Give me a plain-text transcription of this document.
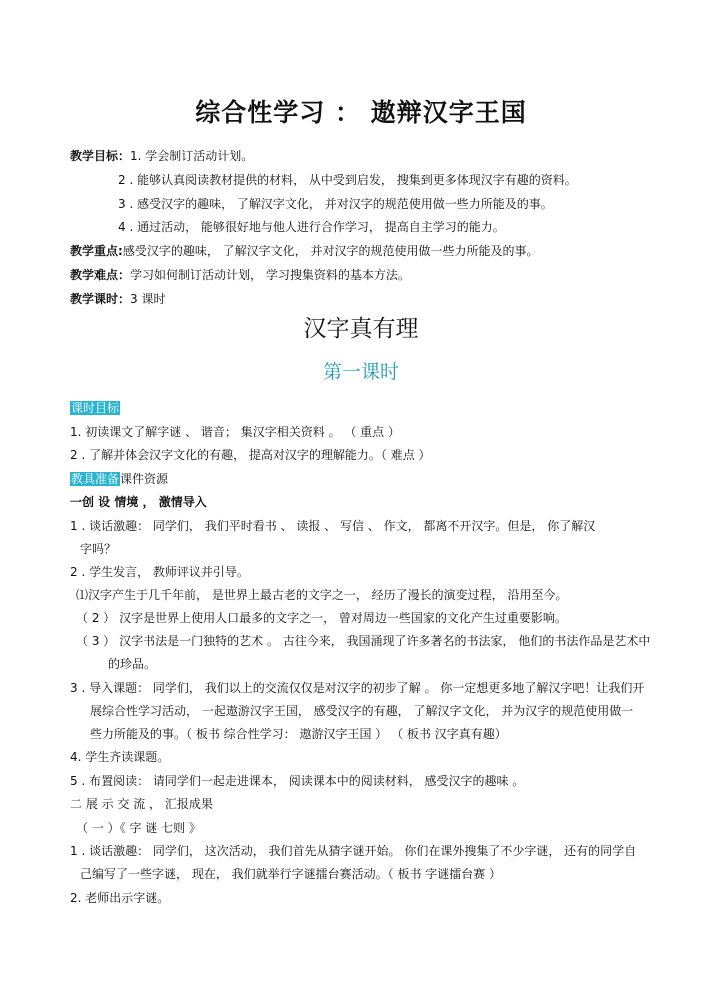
综合性学习 ： 遨辩汉字王国
教学目标：1. 学会制订活动计划。
2 . 能够认真阅读教材提供的材料， 从中受到启发， 搜集到更多体现汉字有趣的资料。
3 . 感受汉字的趣味， 了解汉字文化， 并对汉字的规范使用做一些力所能及的事。
4 . 通过活动， 能够很好地与他人进行合作学习， 提高自主学习的能力。
教学重点:感受汉字的趣味， 了解汉字文化， 并对汉字的规范使用做一些力所能及的事。
教学难点：学习如何制订活动计划， 学习搜集资料的基本方法。
教学课时：3 课时
汉字真有理
第一课时
课时目标
1. 初读课文了解字谜 、 谐音； 集汉字相关资料 。 （ 重点 ）
2 . 了解并体会汉字文化的有趣， 提高对汉字的理解能力。（ 难点 ）
教具准备课件资源
一创 设 情境 ， 激情导入
1 . 谈话激趣： 同学们， 我们平时看书 、 读报 、 写信 、 作文， 都离不开汉字。但是， 你了解汉
字吗？
2 . 学生发言， 教师评议并引导。
⑴汉字产生于几千年前， 是世界上最古老的文字之一， 经历了漫长的演变过程， 沿用至今。
（ 2 ） 汉字是世界上使用人口最多的文字之一， 曾对周边一些国家的文化产生过重要影响。
（ 3 ） 汉字书法是一门独特的艺术 。 古往今来， 我国涌现了许多著名的书法家， 他们的书法作品是艺术中
的珍品。
3 . 导入课题： 同学们， 我们以上的交流仅仅是对汉字的初步了解 。 你一定想更多地了解汉字吧！让我们开
展综合性学习活动， 一起遨游汉字王国， 感受汉字的有趣， 了解汉字文化， 并为汉字的规范使用做一
些力所能及的事。（ 板书 综合性学习： 遨游汉字王国 ） （ 板书 汉字真有趣）
4. 学生齐读课题。
5 . 布置阅读： 请同学们一起走进课本， 阅读课本中的阅读材料， 感受汉字的趣味 。
二 展 示 交 流 ， 汇报成果
（ 一 ）《 字 谜 七则 》
1 . 谈话激趣： 同学们， 这次活动， 我们首先从猜字谜开始。 你们在课外搜集了不少字谜， 还有的同学自
己编写了一些字谜， 现在， 我们就举行字谜擂台赛活动。（ 板书 字谜擂台赛 ）
2. 老师出示字谜。
